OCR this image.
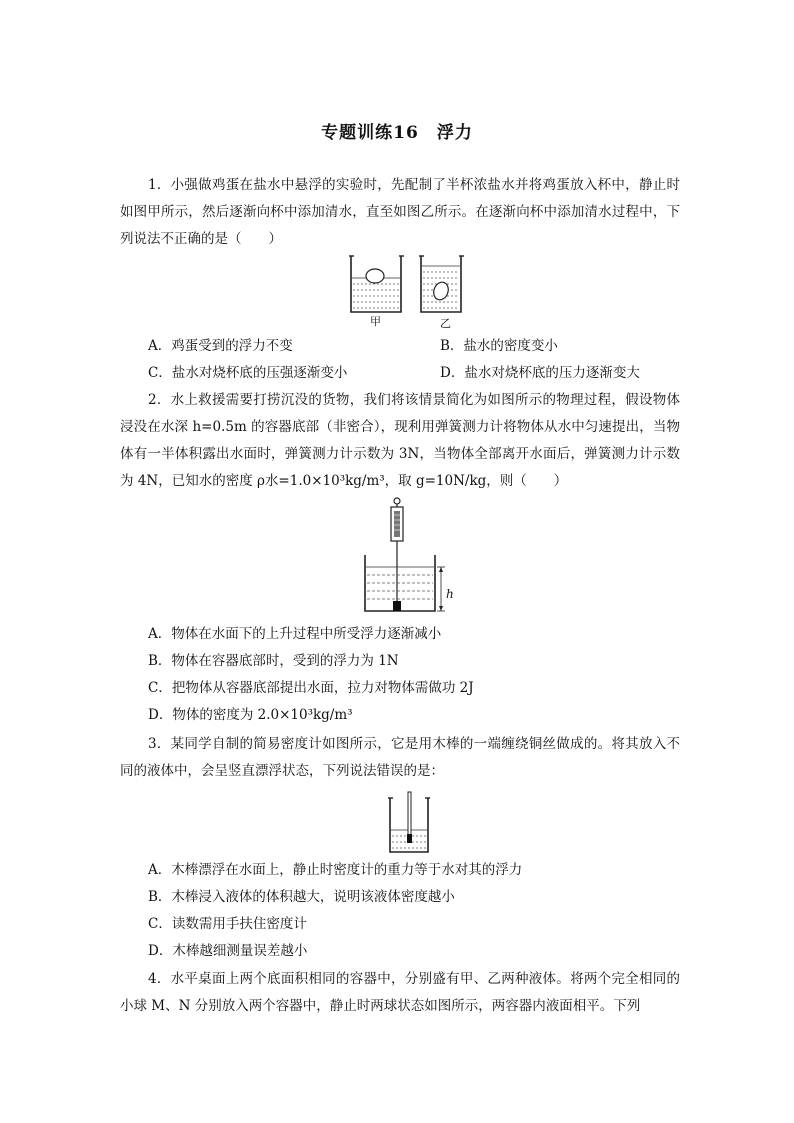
专题训练16　浮力
1．小强做鸡蛋在盐水中悬浮的实验时，先配制了半杯浓盐水并将鸡蛋放入杯中，静止时如图甲所示，然后逐渐向杯中添加清水，直至如图乙所示。在逐渐向杯中添加清水过程中，下列说法不正确的是（　　）
甲	乙
A．鸡蛋受到的浮力不变	B．盐水的密度变小
C．盐水对烧杯底的压强逐渐变小	D．盐水对烧杯底的压力逐渐变大
2．水上救援需要打捞沉没的货物，我们将该情景简化为如图所示的物理过程，假设物体浸没在水深 h=0.5m 的容器底部（非密合），现利用弹簧测力计将物体从水中匀速提出，当物体有一半体积露出水面时，弹簧测力计示数为 3N，当物体全部离开水面后，弹簧测力计示数为 4N，已知水的密度 ρ水=1.0×10³kg/m³，取 g=10N/kg，则（　　）
h
A．物体在水面下的上升过程中所受浮力逐渐减小
B．物体在容器底部时，受到的浮力为 1N
C．把物体从容器底部提出水面，拉力对物体需做功 2J
D．物体的密度为 2.0×10³kg/m³
3．某同学自制的简易密度计如图所示，它是用木棒的一端缠绕铜丝做成的。将其放入不同的液体中，会呈竖直漂浮状态，下列说法错误的是：
A．木棒漂浮在水面上，静止时密度计的重力等于水对其的浮力
B．木棒浸入液体的体积越大，说明该液体密度越小
C．读数需用手扶住密度计
D．木棒越细测量误差越小
4．水平桌面上两个底面积相同的容器中，分别盛有甲、乙两种液体。将两个完全相同的小球 M、N 分别放入两个容器中，静止时两球状态如图所示，两容器内液面相平。下列
